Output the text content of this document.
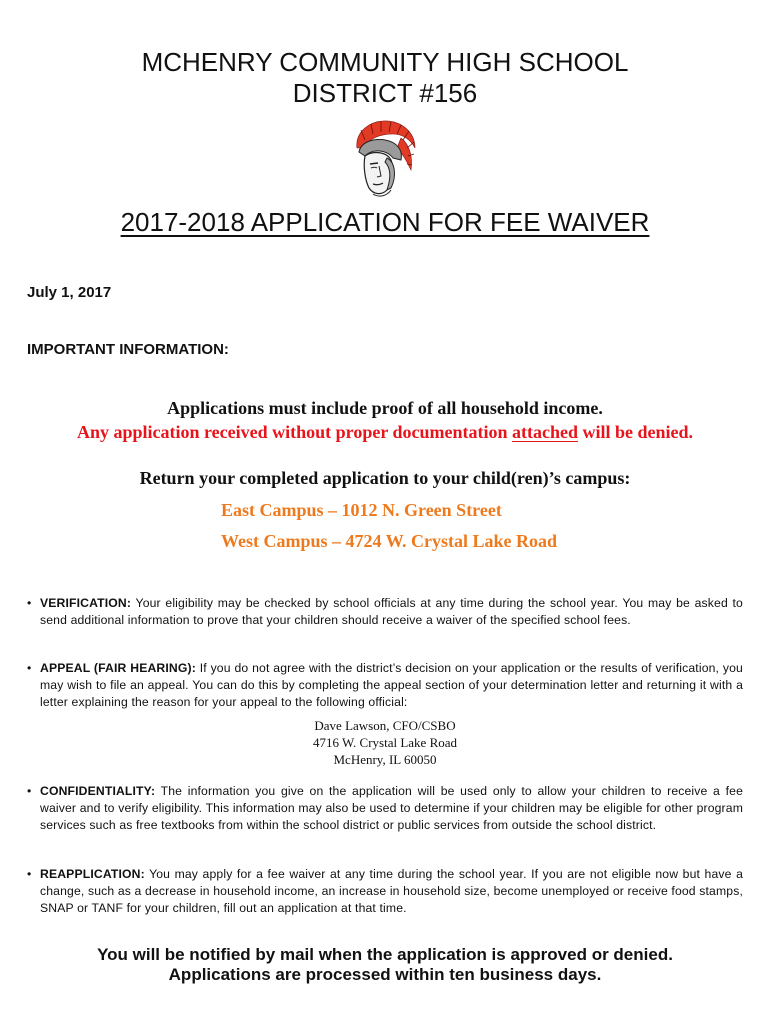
MCHENRY COMMUNITY HIGH SCHOOL
DISTRICT #156
2017-2018 APPLICATION FOR FEE WAIVER
July 1, 2017
IMPORTANT INFORMATION:
Applications must include proof of all household income.
Any application received without proper documentation attached will be denied.
Return your completed application to your child(ren)’s campus:
East Campus – 1012 N. Green Street
West Campus – 4724 W. Crystal Lake Road
• VERIFICATION: Your eligibility may be checked by school officials at any time during the school year. You may be asked to send additional information to prove that your children should receive a waiver of the specified school fees.
• APPEAL (FAIR HEARING): If you do not agree with the district’s decision on your application or the results of verification, you may wish to file an appeal. You can do this by completing the appeal section of your determination letter and returning it with a letter explaining the reason for your appeal to the following official:
Dave Lawson, CFO/CSBO
4716 W. Crystal Lake Road
McHenry, IL 60050
• CONFIDENTIALITY: The information you give on the application will be used only to allow your children to receive a fee waiver and to verify eligibility. This information may also be used to determine if your children may be eligible for other program services such as free textbooks from within the school district or public services from outside the school district.
• REAPPLICATION: You may apply for a fee waiver at any time during the school year. If you are not eligible now but have a change, such as a decrease in household income, an increase in household size, become unemployed or receive food stamps, SNAP or TANF for your children, fill out an application at that time.
You will be notified by mail when the application is approved or denied.
Applications are processed within ten business days.
